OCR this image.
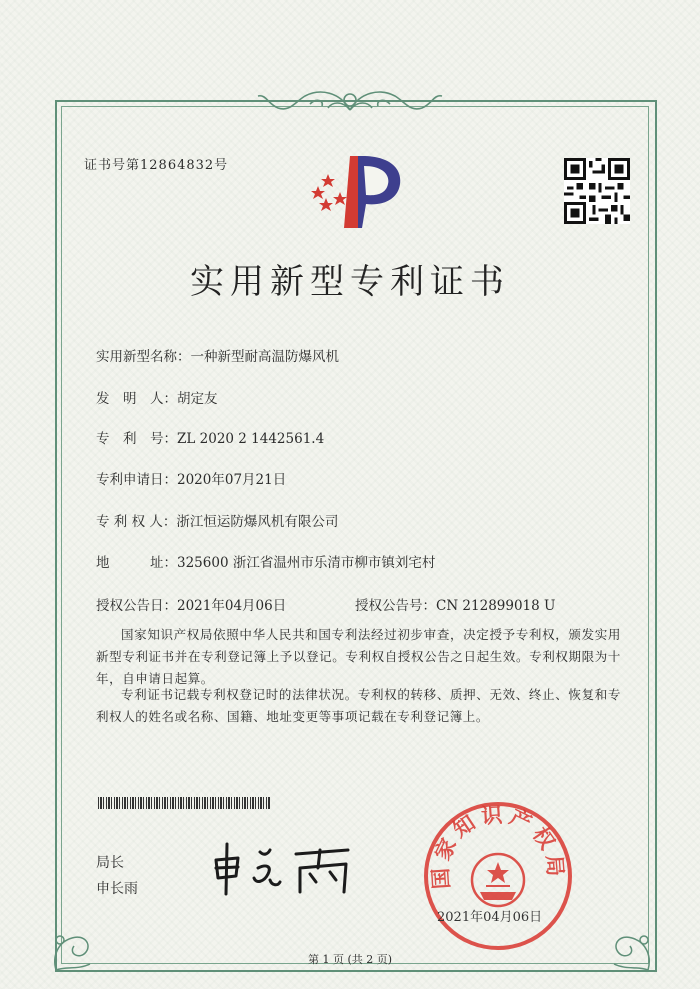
证书号第12864832号
实用新型专利证书
实用新型名称：一种新型耐高温防爆风机
发　明　人：胡定友
专　利　号：ZL 2020 2 1442561.4
专利申请日：2020年07月21日
专 利 权 人：浙江恒运防爆风机有限公司
地　　　址：325600 浙江省温州市乐清市柳市镇刘宅村
授权公告日：2021年04月06日	授权公告号：CN 212899018 U
国家知识产权局依照中华人民共和国专利法经过初步审查，决定授予专利权，颁发实用新型专利证书并在专利登记簿上予以登记。专利权自授权公告之日起生效。专利权期限为十年，自申请日起算。
专利证书记载专利权登记时的法律状况。专利权的转移、质押、无效、终止、恢复和专利权人的姓名或名称、国籍、地址变更等事项记载在专利登记簿上。
局长
申长雨	国家知识产权局
2021年04月06日
第 1 页 (共 2 页)
